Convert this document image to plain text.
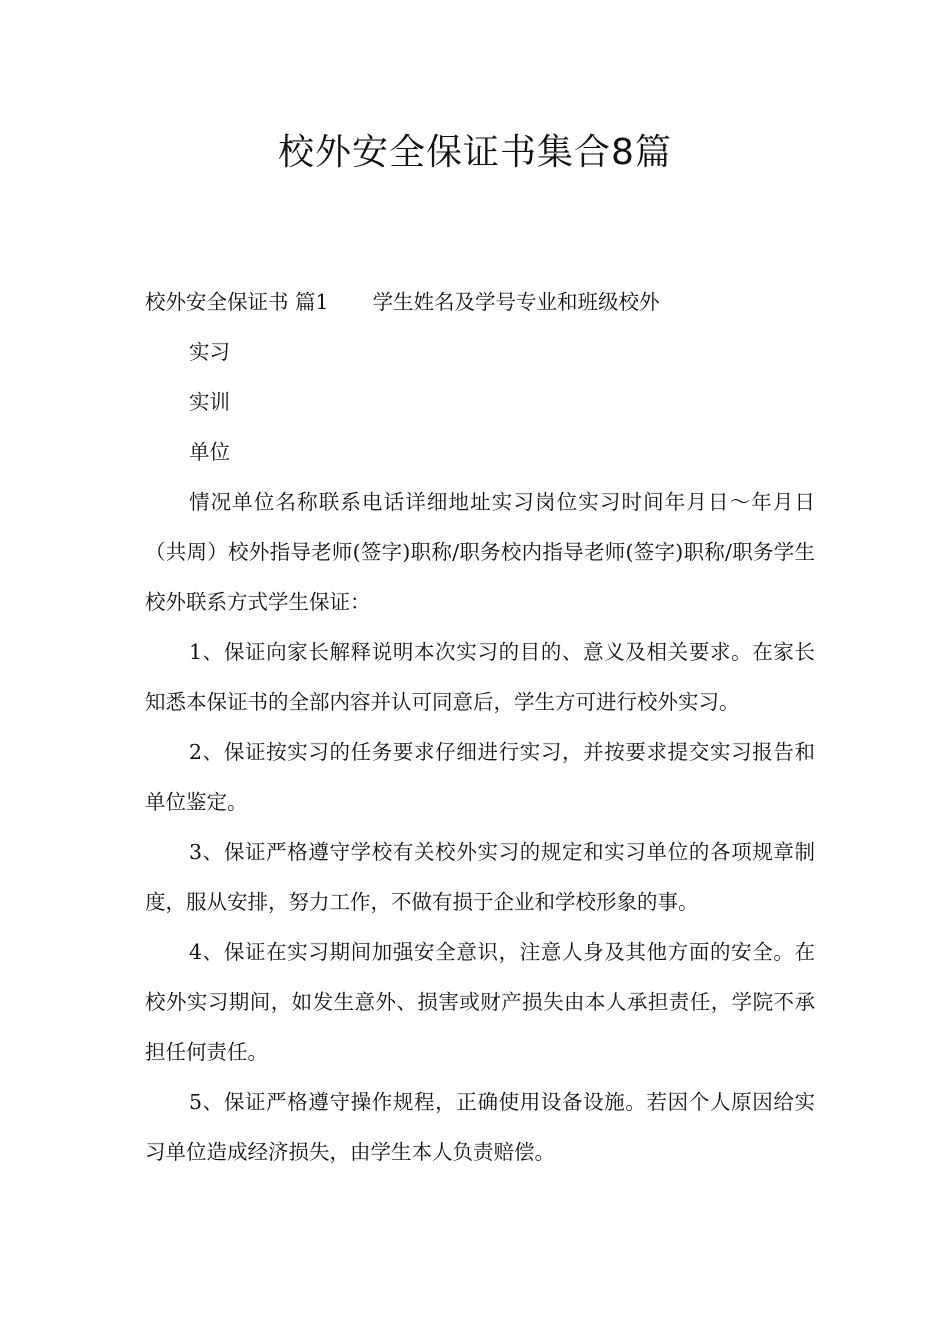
校外安全保证书集合8篇
校外安全保证书 篇1 学生姓名及学号专业和班级校外
实习
实训
单位
情况单位名称联系电话详细地址实习岗位实习时间年月日～年月日（共周）校外指导老师(签字)职称/职务校内指导老师(签字)职称/职务学生校外联系方式学生保证：
1、保证向家长解释说明本次实习的目的、意义及相关要求。在家长知悉本保证书的全部内容并认可同意后，学生方可进行校外实习。
2、保证按实习的任务要求仔细进行实习，并按要求提交实习报告和单位鉴定。
3、保证严格遵守学校有关校外实习的规定和实习单位的各项规章制度，服从安排，努力工作，不做有损于企业和学校形象的事。
4、保证在实习期间加强安全意识，注意人身及其他方面的安全。在校外实习期间，如发生意外、损害或财产损失由本人承担责任，学院不承担任何责任。
5、保证严格遵守操作规程，正确使用设备设施。若因个人原因给实习单位造成经济损失，由学生本人负责赔偿。
